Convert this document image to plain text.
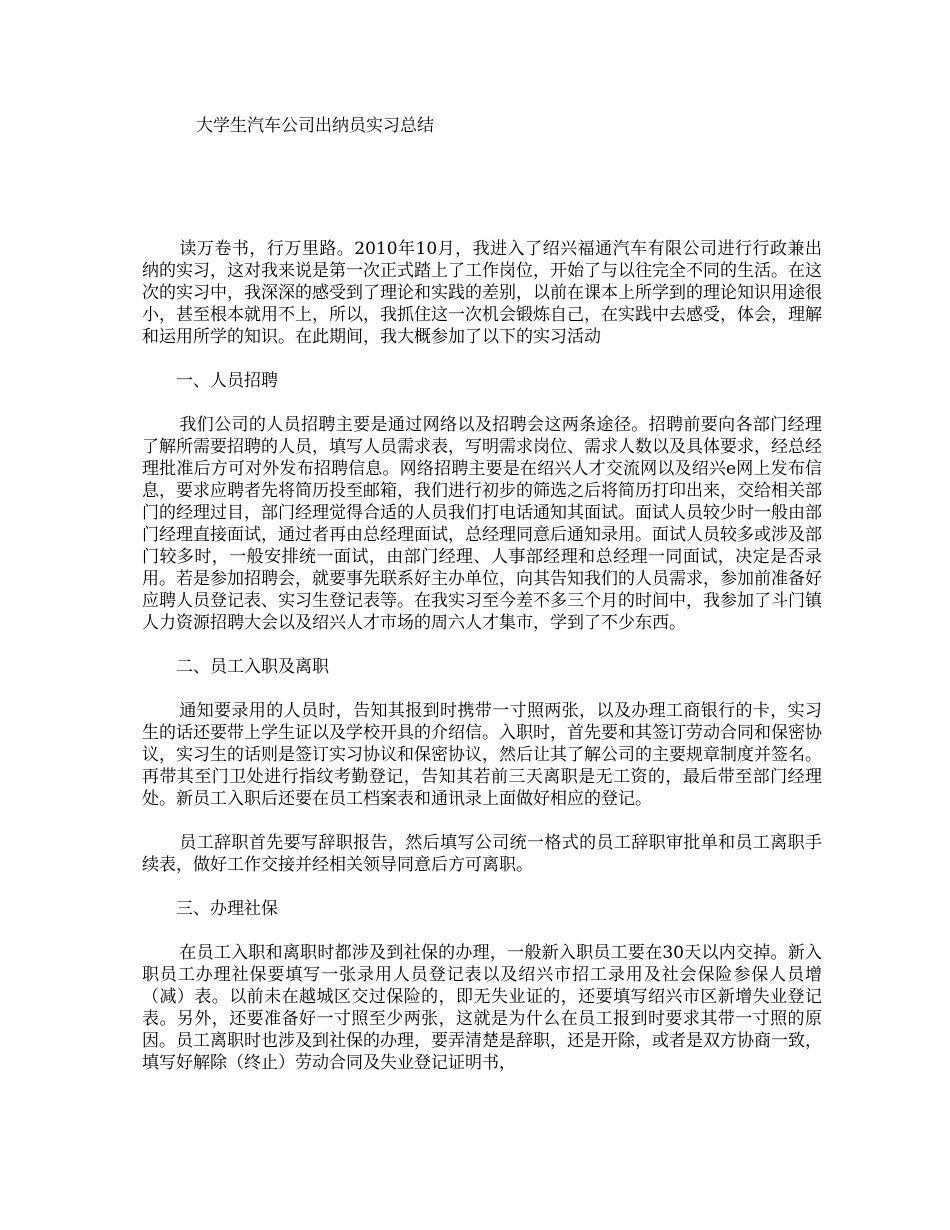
大学生汽车公司出纳员实习总结

读万卷书，行万里路。2010年10月，我进入了绍兴福通汽车有限公司进行行政兼出纳的实习，这对我来说是第一次正式踏上了工作岗位，开始了与以往完全不同的生活。在这次的实习中，我深深的感受到了理论和实践的差别，以前在课本上所学到的理论知识用途很小，甚至根本就用不上，所以，我抓住这一次机会锻炼自己，在实践中去感受，体会，理解和运用所学的知识。在此期间，我大概参加了以下的实习活动

一、人员招聘

我们公司的人员招聘主要是通过网络以及招聘会这两条途径。招聘前要向各部门经理了解所需要招聘的人员，填写人员需求表，写明需求岗位、需求人数以及具体要求，经总经理批准后方可对外发布招聘信息。网络招聘主要是在绍兴人才交流网以及绍兴e网上发布信息，要求应聘者先将简历投至邮箱，我们进行初步的筛选之后将简历打印出来，交给相关部门的经理过目，部门经理觉得合适的人员我们打电话通知其面试。面试人员较少时一般由部门经理直接面试，通过者再由总经理面试，总经理同意后通知录用。面试人员较多或涉及部门较多时，一般安排统一面试，由部门经理、人事部经理和总经理一同面试，决定是否录用。若是参加招聘会，就要事先联系好主办单位，向其告知我们的人员需求，参加前准备好应聘人员登记表、实习生登记表等。在我实习至今差不多三个月的时间中，我参加了斗门镇人力资源招聘大会以及绍兴人才市场的周六人才集市，学到了不少东西。

二、员工入职及离职

通知要录用的人员时，告知其报到时携带一寸照两张，以及办理工商银行的卡，实习生的话还要带上学生证以及学校开具的介绍信。入职时，首先要和其签订劳动合同和保密协议，实习生的话则是签订实习协议和保密协议，然后让其了解公司的主要规章制度并签名。再带其至门卫处进行指纹考勤登记，告知其若前三天离职是无工资的，最后带至部门经理处。新员工入职后还要在员工档案表和通讯录上面做好相应的登记。

员工辞职首先要写辞职报告，然后填写公司统一格式的员工辞职审批单和员工离职手续表，做好工作交接并经相关领导同意后方可离职。

三、办理社保

在员工入职和离职时都涉及到社保的办理，一般新入职员工要在30天以内交掉。新入职员工办理社保要填写一张录用人员登记表以及绍兴市招工录用及社会保险参保人员增（减）表。以前未在越城区交过保险的，即无失业证的，还要填写绍兴市区新增失业登记表。另外，还要准备好一寸照至少两张，这就是为什么在员工报到时要求其带一寸照的原因。员工离职时也涉及到社保的办理，要弄清楚是辞职，还是开除，或者是双方协商一致，填写好解除（终止）劳动合同及失业登记证明书，
